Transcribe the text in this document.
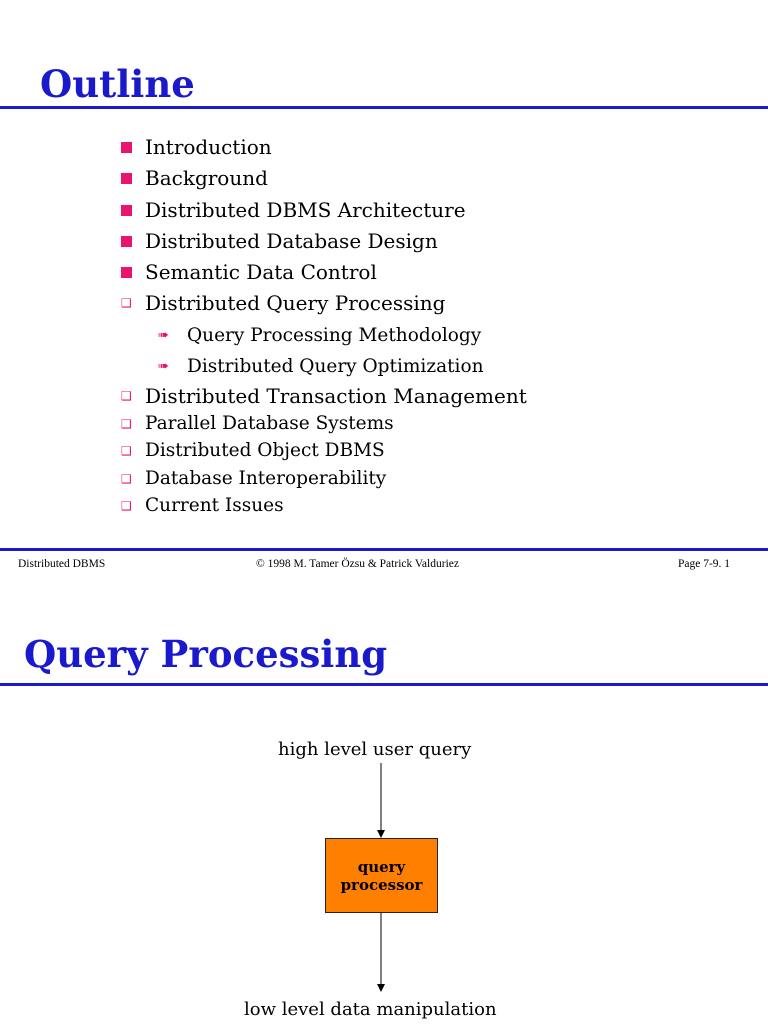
Outline
Introduction
Background
Distributed DBMS Architecture
Distributed Database Design
Semantic Data Control
❑ Distributed Query Processing
➠	Query Processing Methodology
➠	Distributed Query Optimization
❑ Distributed Transaction Management
❑ Parallel Database Systems
❑ Distributed Object DBMS
❑ Database Interoperability
❑ Current Issues
Distributed DBMS	© 1998 M. Tamer Özsu & Patrick Valduriez	Page 7-9. 1
Query Processing
high level user query
query
processor
low level data manipulation
